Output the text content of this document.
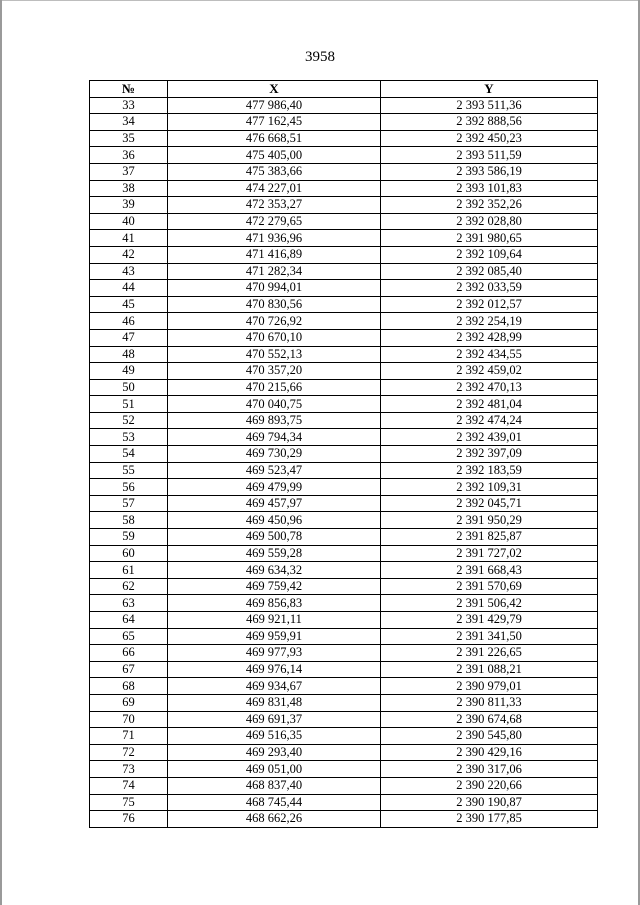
3958
№	X	Y
33	477 986,40	2 393 511,36
34	477 162,45	2 392 888,56
35	476 668,51	2 392 450,23
36	475 405,00	2 393 511,59
37	475 383,66	2 393 586,19
38	474 227,01	2 393 101,83
39	472 353,27	2 392 352,26
40	472 279,65	2 392 028,80
41	471 936,96	2 391 980,65
42	471 416,89	2 392 109,64
43	471 282,34	2 392 085,40
44	470 994,01	2 392 033,59
45	470 830,56	2 392 012,57
46	470 726,92	2 392 254,19
47	470 670,10	2 392 428,99
48	470 552,13	2 392 434,55
49	470 357,20	2 392 459,02
50	470 215,66	2 392 470,13
51	470 040,75	2 392 481,04
52	469 893,75	2 392 474,24
53	469 794,34	2 392 439,01
54	469 730,29	2 392 397,09
55	469 523,47	2 392 183,59
56	469 479,99	2 392 109,31
57	469 457,97	2 392 045,71
58	469 450,96	2 391 950,29
59	469 500,78	2 391 825,87
60	469 559,28	2 391 727,02
61	469 634,32	2 391 668,43
62	469 759,42	2 391 570,69
63	469 856,83	2 391 506,42
64	469 921,11	2 391 429,79
65	469 959,91	2 391 341,50
66	469 977,93	2 391 226,65
67	469 976,14	2 391 088,21
68	469 934,67	2 390 979,01
69	469 831,48	2 390 811,33
70	469 691,37	2 390 674,68
71	469 516,35	2 390 545,80
72	469 293,40	2 390 429,16
73	469 051,00	2 390 317,06
74	468 837,40	2 390 220,66
75	468 745,44	2 390 190,87
76	468 662,26	2 390 177,85
